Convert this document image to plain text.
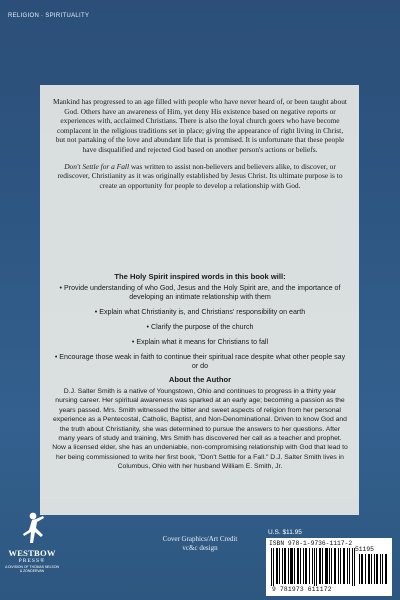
RELIGION · SPIRITUALITY

Mankind has progressed to an age filled with people who have never heard of, or been taught about God. Others have an awareness of Him, yet deny His existence based on negative reports or experiences with, acclaimed Christians. There is also the loyal church goers who have become complacent in the religious traditions set in place; giving the appearance of right living in Christ, but not partaking of the love and abundant life that is promised. It is unfortunate that these people have disqualified and rejected God based on another person's actions or beliefs.

Don't Settle for a Fall was written to assist non-believers and believers alike, to discover, or rediscover, Christianity as it was originally established by Jesus Christ. Its ultimate purpose is to create an opportunity for people to develop a relationship with God.

The Holy Spirit inspired words in this book will:
• Provide understanding of who God, Jesus and the Holy Spirit are, and the importance of developing an intimate relationship with them
• Explain what Christianity is, and Christians' responsibility on earth
• Clarify the purpose of the church
• Explain what it means for Christians to fall
• Encourage those weak in faith to continue their spiritual race despite what other people say or do
About the Author
D.J. Salter Smith is a native of Youngstown, Ohio and continues to progress in a thirty year nursing career. Her spiritual awareness was sparked at an early age; becoming a passion as the years passed. Mrs. Smith witnessed the bitter and sweet aspects of religion from her personal experience as a Pentecostal, Catholic, Baptist, and Non-Denominational. Driven to know God and the truth about Christianity, she was determined to pursue the answers to her questions. After many years of study and training, Mrs Smith has discovered her call as a teacher and prophet. Now a licensed elder, she has an undeniable, non-compromising relationship with God that lead to her being commissioned to write her first book, "Don't Settle for a Fall." D.J. Salter Smith lives in Columbus, Ohio with her husband William E. Smith, Jr.
Cover Graphics/Art Credit
vc&c design
WESTBOW
PRESS®
A DIVISION OF THOMAS NELSON & ZONDERVAN
U.S. $11.95
ISBN 978-1-9736-1117-2
51195
9 781973 611172
